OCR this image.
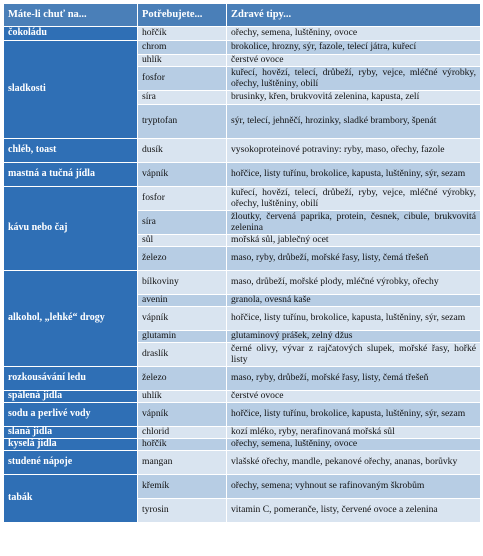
Máte-li chuť na...	Potřebujete...	Zdravé tipy...
čokoládu	hořčík	ořechy, semena, luštěniny, ovoce
sladkosti	chrom	brokolice, hrozny, sýr, fazole, telecí játra, kuřecí
	uhlík	čerstvé ovoce
	fosfor	kuřecí, hovězí, telecí, drůbeží, ryby, vejce, mléčné výrobky, ořechy, luštěniny, obilí
	síra	brusinky, křen, brukvovitá zelenina, kapusta, zelí
	tryptofan	sýr, telecí, jehněčí, hrozinky, sladké brambory, špenát
chléb, toast	dusík	vysokoproteinové potraviny: ryby, maso, ořechy, fazole
mastná a tučná jídla	vápník	hořčice, listy tuřínu, brokolice, kapusta, luštěniny, sýr, sezam
kávu nebo čaj	fosfor	kuřecí, hovězí, telecí, drůbeží, ryby, vejce, mléčné výrobky, ořechy, luštěniny, obilí
	síra	žloutky, červená paprika, protein, česnek, cibule, brukvovitá zelenina
	sůl	mořská sůl, jablečný ocet
	železo	maso, ryby, drůbeží, mořské řasy, listy, čemá třešeň
alkohol, „lehké“ drogy	bílkoviny	maso, drůbeží, mořské plody, mléčné výrobky, ořechy
	avenin	granola, ovesná kaše
	vápník	hořčice, listy tuřínu, brokolice, kapusta, luštěniny, sýr, sezam
	glutamin	glutaminový prášek, zelný džus
	draslík	černé olivy, vývar z rajčatových slupek, mořské řasy, hořké listy
rozkousávání ledu	železo	maso, ryby, drůbeží, mořské řasy, listy, čemá třešeň
spálená jídla	uhlík	čerstvé ovoce
sodu a perlivé vody	vápník	hořčice, listy tuřínu, brokolice, kapusta, luštěniny, sýr, sezam
slaná jídla	chlorid	kozí mléko, ryby, nerafinovaná mořská sůl
kyselá jídla	hořčík	ořechy, semena, luštěniny, ovoce
studené nápoje	mangan	vlašské ořechy, mandle, pekanové ořechy, ananas, borůvky
tabák	křemík	ořechy, semena; vyhnout se rafinovaným škrobům
	tyrosin	vitamin C, pomeranče, listy, červené ovoce a zelenina
